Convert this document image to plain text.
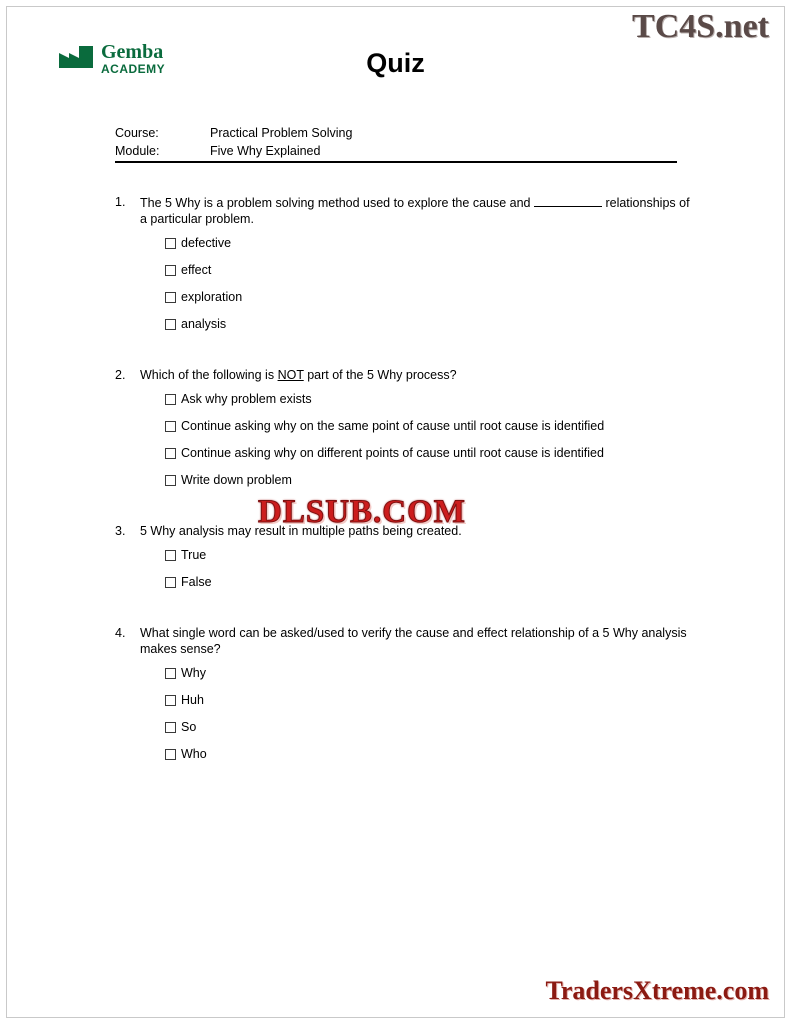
TC4S.net
Gemba
ACADEMY	Quiz
Course:	Practical Problem Solving
Module:	Five Why Explained
1.	The 5 Why is a problem solving method used to explore the cause and	relationships of a particular problem.
defective
effect
exploration
analysis
2.	Which of the following is NOT part of the 5 Why process?
Ask why problem exists
Continue asking why on the same point of cause until root cause is identified
Continue asking why on different points of cause until root cause is identified
Write down problem
3.	5 Why analysis may result in multiple paths being created.
True
False
4.	What single word can be asked/used to verify the cause and effect relationship of a 5 Why analysis makes sense?
Why
Huh
So
Who
DLSUB.COM
TradersXtreme.com
